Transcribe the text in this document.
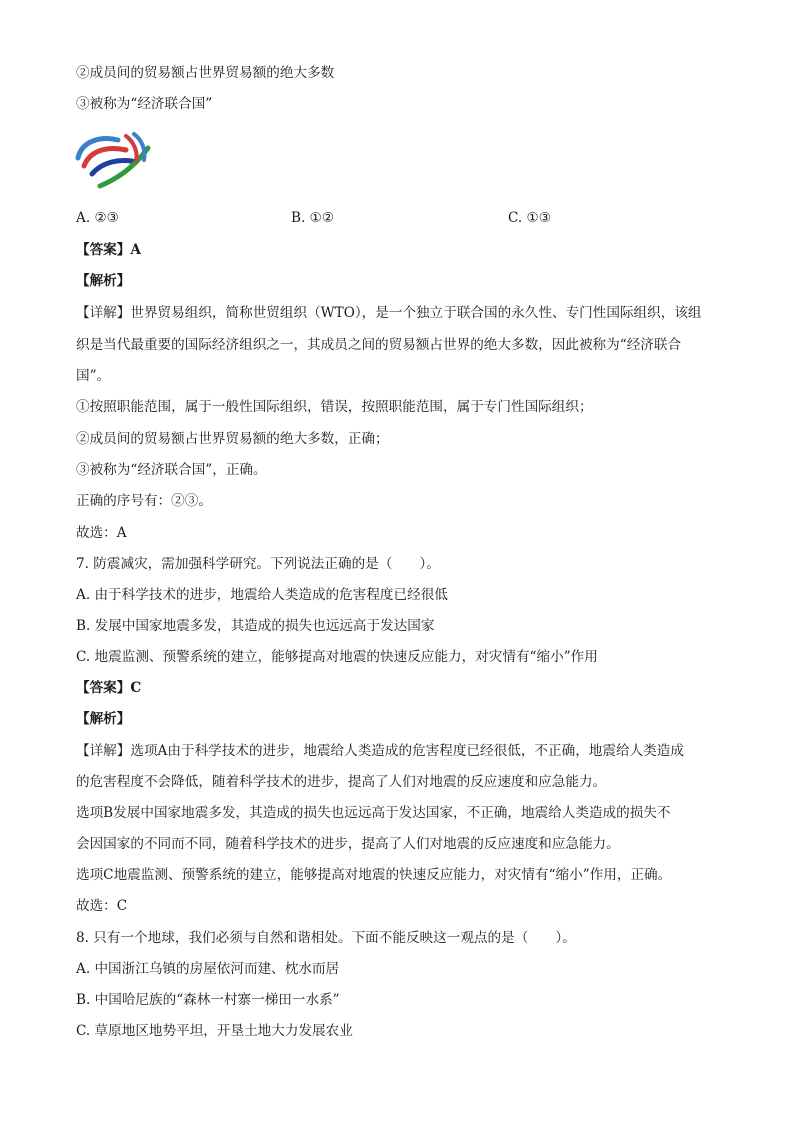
②成员间的贸易额占世界贸易额的绝大多数
③被称为“经济联合国”
A. ②③	B. ①②	C. ①③
【答案】A
【解析】
【详解】世界贸易组织，简称世贸组织（WTO），是一个独立于联合国的永久性、专门性国际组织，该组
织是当代最重要的国际经济组织之一，其成员之间的贸易额占世界的绝大多数，因此被称为“经济联合
国”。
①按照职能范围，属于一般性国际组织，错误，按照职能范围，属于专门性国际组织；
②成员间的贸易额占世界贸易额的绝大多数，正确；
③被称为“经济联合国”，正确。
正确的序号有：②③。
故选：A
7. 防震减灾，需加强科学研究。下列说法正确的是（　　）。
A. 由于科学技术的进步，地震给人类造成的危害程度已经很低
B. 发展中国家地震多发，其造成的损失也远远高于发达国家
C. 地震监测、预警系统的建立，能够提高对地震的快速反应能力，对灾情有“缩小”作用
【答案】C
【解析】
【详解】选项A由于科学技术的进步，地震给人类造成的危害程度已经很低，不正确，地震给人类造成
的危害程度不会降低，随着科学技术的进步，提高了人们对地震的反应速度和应急能力。
选项B发展中国家地震多发，其造成的损失也远远高于发达国家，不正确，地震给人类造成的损失不
会因国家的不同而不同，随着科学技术的进步，提高了人们对地震的反应速度和应急能力。
选项C地震监测、预警系统的建立，能够提高对地震的快速反应能力，对灾情有“缩小”作用，正确。
故选：C
8. 只有一个地球，我们必须与自然和谐相处。下面不能反映这一观点的是（　　）。
A. 中国浙江乌镇的房屋依河而建、枕水而居
B. 中国哈尼族的“森林一村寨一梯田一水系”
C. 草原地区地势平坦，开垦土地大力发展农业
